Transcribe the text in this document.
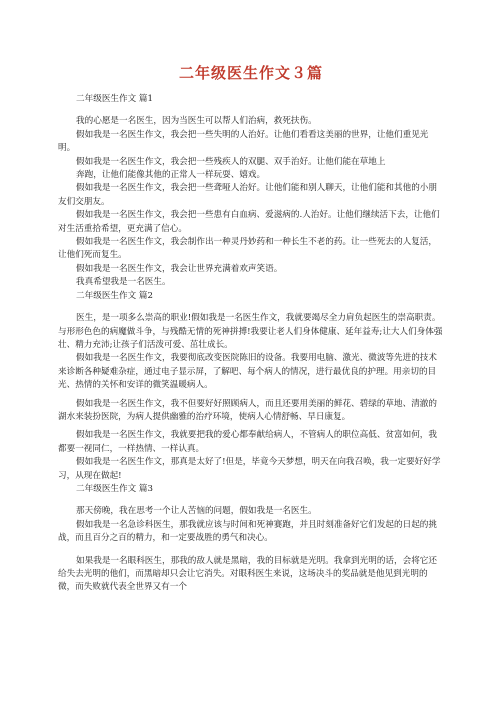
二年级医生作文３篇

二年级医生作文 篇1

我的心愿是一名医生，因为当医生可以帮人们治病，救死扶伤。

假如我是一名医生作文，我会把一些失明的人治好。让他们看看这美丽的世界，让他们重见光明。

假如我是一名医生作文，我会把一些残疾人的双腿、双手治好。让他们能在草地上

奔跑，让他们能像其他的正常人一样玩耍、嬉戏。

假如我是一名医生作文，我会把一些聋哑人治好。让他们能和别人聊天，让他们能和其他的小朋友们交朋友。

假如我是一名医生作文，我会把一些患有白血病、爱滋病的.人治好。让他们继续活下去，让他们对生活重拾希望，更充满了信心。

假如我是一名医生作文，我会制作出一种灵丹妙药和一种长生不老的药。让一些死去的人复活，让他们死而复生。

假如我是一名医生作文，我会让世界充满着欢声笑语。

我真希望我是一名医生。

二年级医生作文 篇2

医生，是一项多么崇高的职业!假如我是一名医生作文，我就要竭尽全力肩负起医生的崇高职责。与形形色色的病魔做斗争，与残酷无情的死神拼搏!我要让老人们身体健康、延年益寿;让大人们身体强壮、精力充沛;让孩子们活泼可爱、茁壮成长。

假如我是一名医生作文，我要彻底改变医院陈旧的设备。我要用电脑、激光、微波等先进的技术来诊断各种疑难杂症，通过电子显示屏，了解吧、每个病人的情况，进行最优良的护理。用亲切的目光、热情的关怀和安详的微笑温暖病人。

假如我是一名医生作文，我不但要好好照顾病人，而且还要用美丽的鲜花、碧绿的草地、清澈的湖水来装扮医院，为病人提供幽雅的治疗环境，使病人心情舒畅、早日康复。

假如我是一名医生作文，我就要把我的爱心都奉献给病人，不管病人的职位高低、贫富如何，我都要一视同仁，一样热情、一样认真。

假如我是一名医生作文，那真是太好了!但是，毕竟今天梦想，明天在向我召唤，我一定要好好学习，从现在做起!

二年级医生作文 篇3

那天傍晚，我在思考一个让人苦恼的问题，假如我是一名医生。

假如我是一名急诊科医生，那我就应该与时间和死神赛跑，并且时刻准备好它们发起的日起的挑战，而且百分之百的精力，和一定要战胜的勇气和决心。

如果我是一名眼科医生，那我的敌人就是黑暗，我的目标就是光明。我拿到光明的话，会将它还给失去光明的他们，而黑暗却只会让它消失。对眼科医生来说，这场决斗的奖品就是他见到光明的微，而失败就代表全世界又有一个
